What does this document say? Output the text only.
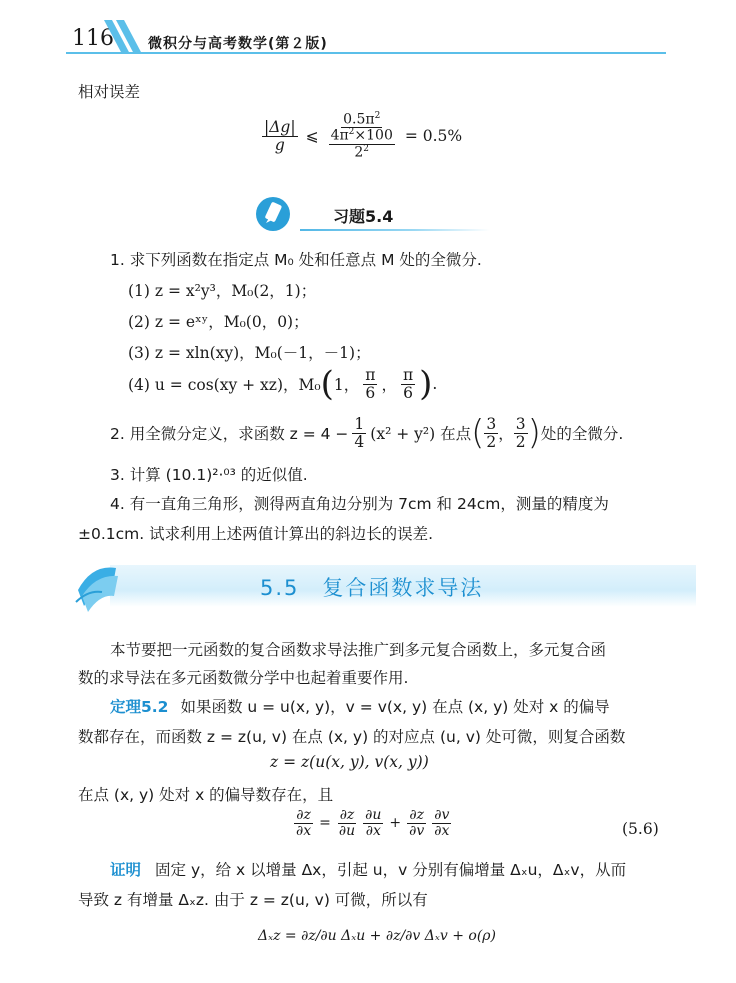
116 微积分与高考数学(第２版)

相对误差

$\frac{|\Delta g|}{g}$ ⩽ $\frac{0.5\pi^2}{\frac{4\pi^2\times 100}{2^2}} = 0.5\%$
习题5.4

1. 求下列函数在指定点 M₀ 处和任意点 M 处的全微分.

(1) z = x²y³，M₀(2，1)；

(2) z = eˣʸ，M₀(0，0)；

(3) z = xln(xy)，M₀(－1，－1)；

(4) u = cos(xy + xz)，M₀ ( 1， $\frac{\pi}{6}$ ， $\frac{\pi}{6}$ ) .
2. 用全微分定义，求函数 $z = 4 - \frac{1}{4} (x^2 + y^2)$ 在点 ( $\frac{3}{2}$ ， $\frac{3}{2}$ ) 处的全微分.

3. 计算 (10.1)²·⁰³ 的近似值.

4. 有一直角三角形，测得两直角边分别为 7cm 和 24cm，测量的精度为

±0.1cm. 试求利用上述两值计算出的斜边长的误差.

5.5　复合函数求导法

本节要把一元函数的复合函数求导法推广到多元复合函数上，多元复合函

数的求导法在多元函数微分学中也起着重要作用.

定理5.2 如果函数 u = u(x, y)，v = v(x, y) 在点 (x, y) 处对 x 的偏导

数都存在，而函数 z = z(u, v) 在点 (x, y) 的对应点 (u, v) 处可微，则复合函数

z = z(u(x, y), v(x, y))

在点 (x, y) 处对 x 的偏导数存在，且

$\frac{\partial z}{\partial x} = \frac{\partial z}{\partial u} \frac{\partial u}{\partial x} + \frac{\partial z}{\partial v} \frac{\partial v}{\partial x}$	(5.6)

证明 固定 y，给 x 以增量 Δx，引起 u，v 分别有偏增量 Δₓu，Δₓv，从而

导致 z 有增量 Δₓz. 由于 z = z(u, v) 可微，所以有

Δₓz = ∂z/∂u Δₓu + ∂z/∂v Δₓv + o(ρ)
